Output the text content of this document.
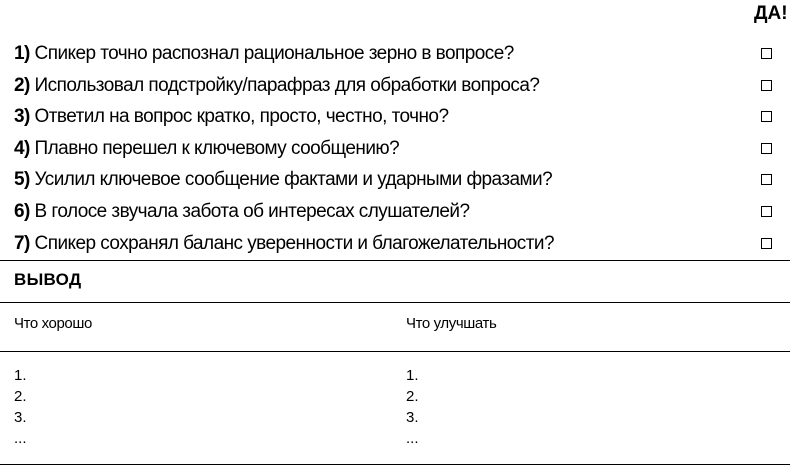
ДА!
1) Спикер точно распознал рациональное зерно в вопросе?
2) Использовал подстройку/парафраз для обработки вопроса?
3) Ответил на вопрос кратко, просто, честно, точно?
4) Плавно перешел к ключевому сообщению?
5) Усилил ключевое сообщение фактами и ударными фразами?
6) В голосе звучала забота об интересах слушателей?
7) Спикер сохранял баланс уверенности и благожелательности?
ВЫВОД
Что хорошо	Что улучшать
1.
2.
3.
...
1.
2.
3.
...
